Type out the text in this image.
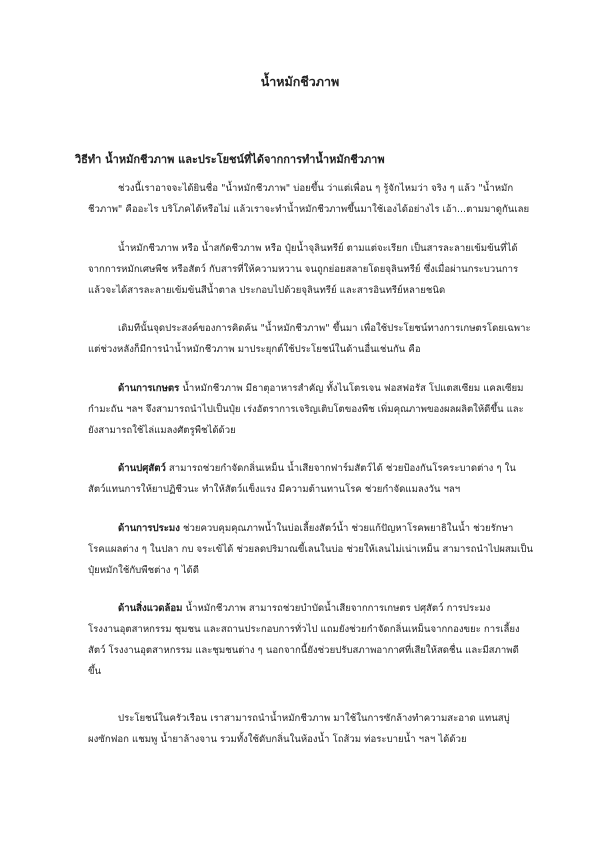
น้ำหมักชีวภาพ
วิธีทำ น้ำหมักชีวภาพ และประโยชน์ที่ได้จากการทำน้ำหมักชีวภาพ
ช่วงนี้เราอาจจะได้ยินชื่อ "น้ำหมักชีวภาพ" บ่อยขึ้น ว่าแต่เพื่อน ๆ รู้จักไหมว่า จริง ๆ แล้ว "น้ำหมัก
ชีวภาพ" คืออะไร บริโภคได้หรือไม่ แล้วเราจะทำน้ำหมักชีวภาพขึ้นมาใช้เองได้อย่างไร เอ้า...ตามมาดูกันเลย
น้ำหมักชีวภาพ หรือ น้ำสกัดชีวภาพ หรือ ปุ๋ยน้ำจุลินทรีย์ ตามแต่จะเรียก เป็นสารละลายเข้มข้นที่ได้
จากการหมักเศษพืช หรือสัตว์ กับสารที่ให้ความหวาน จนถูกย่อยสลายโดยจุลินทรีย์ ซึ่งเมื่อผ่านกระบวนการ
แล้วจะได้สารละลายเข้มข้นสีน้ำตาล ประกอบไปด้วยจุลินทรีย์ และสารอินทรีย์หลายชนิด
เดิมทีนั้นจุดประสงค์ของการคิดค้น "น้ำหมักชีวภาพ" ขึ้นมา เพื่อใช้ประโยชน์ทางการเกษตรโดยเฉพาะ
แต่ช่วงหลังก็มีการนำน้ำหมักชีวภาพ มาประยุกต์ใช้ประโยชน์ในด้านอื่นเช่นกัน คือ
ด้านการเกษตร น้ำหมักชีวภาพ มีธาตุอาหารสำคัญ ทั้งไนโตรเจน ฟอสฟอรัส โปแตสเซียม แคลเซียม
กำมะถัน ฯลฯ จึงสามารถนำไปเป็นปุ๋ย เร่งอัตราการเจริญเติบโตของพืช เพิ่มคุณภาพของผลผลิตให้ดีขึ้น และ
ยังสามารถใช้ไล่แมลงศัตรูพืชได้ด้วย
ด้านปศุสัตว์ สามารถช่วยกำจัดกลิ่นเหม็น น้ำเสียจากฟาร์มสัตว์ได้ ช่วยป้องกันโรคระบาดต่าง ๆ ใน
สัตว์แทนการให้ยาปฏิชีวนะ ทำให้สัตว์แข็งแรง มีความต้านทานโรค ช่วยกำจัดแมลงวัน ฯลฯ
ด้านการประมง ช่วยควบคุมคุณภาพน้ำในบ่อเลี้ยงสัตว์น้ำ ช่วยแก้ปัญหาโรคพยาธิในน้ำ ช่วยรักษา
โรคแผลต่าง ๆ ในปลา กบ จระเข้ได้ ช่วยลดปริมาณขี้เลนในบ่อ ช่วยให้เลนไม่เน่าเหม็น สามารถนำไปผสมเป็น
ปุ๋ยหมักใช้กับพืชต่าง ๆ ได้ดี
ด้านสิ่งแวดล้อม น้ำหมักชีวภาพ สามารถช่วยบำบัดน้ำเสียจากการเกษตร ปศุสัตว์ การประมง
โรงงานอุตสาหกรรม ชุมชน และสถานประกอบการทั่วไป แถมยังช่วยกำจัดกลิ่นเหม็นจากกองขยะ การเลี้ยง
สัตว์ โรงงานอุตสาหกรรม และชุมชนต่าง ๆ นอกจากนี้ยังช่วยปรับสภาพอากาศที่เสียให้สดชื่น และมีสภาพดี
ขึ้น
ประโยชน์ในครัวเรือน เราสามารถนำน้ำหมักชีวภาพ มาใช้ในการซักล้างทำความสะอาด แทนสบู่
ผงซักฟอก แชมพู น้ำยาล้างจาน รวมทั้งใช้ดับกลิ่นในห้องน้ำ โถส้วม ท่อระบายน้ำ ฯลฯ ได้ด้วย
